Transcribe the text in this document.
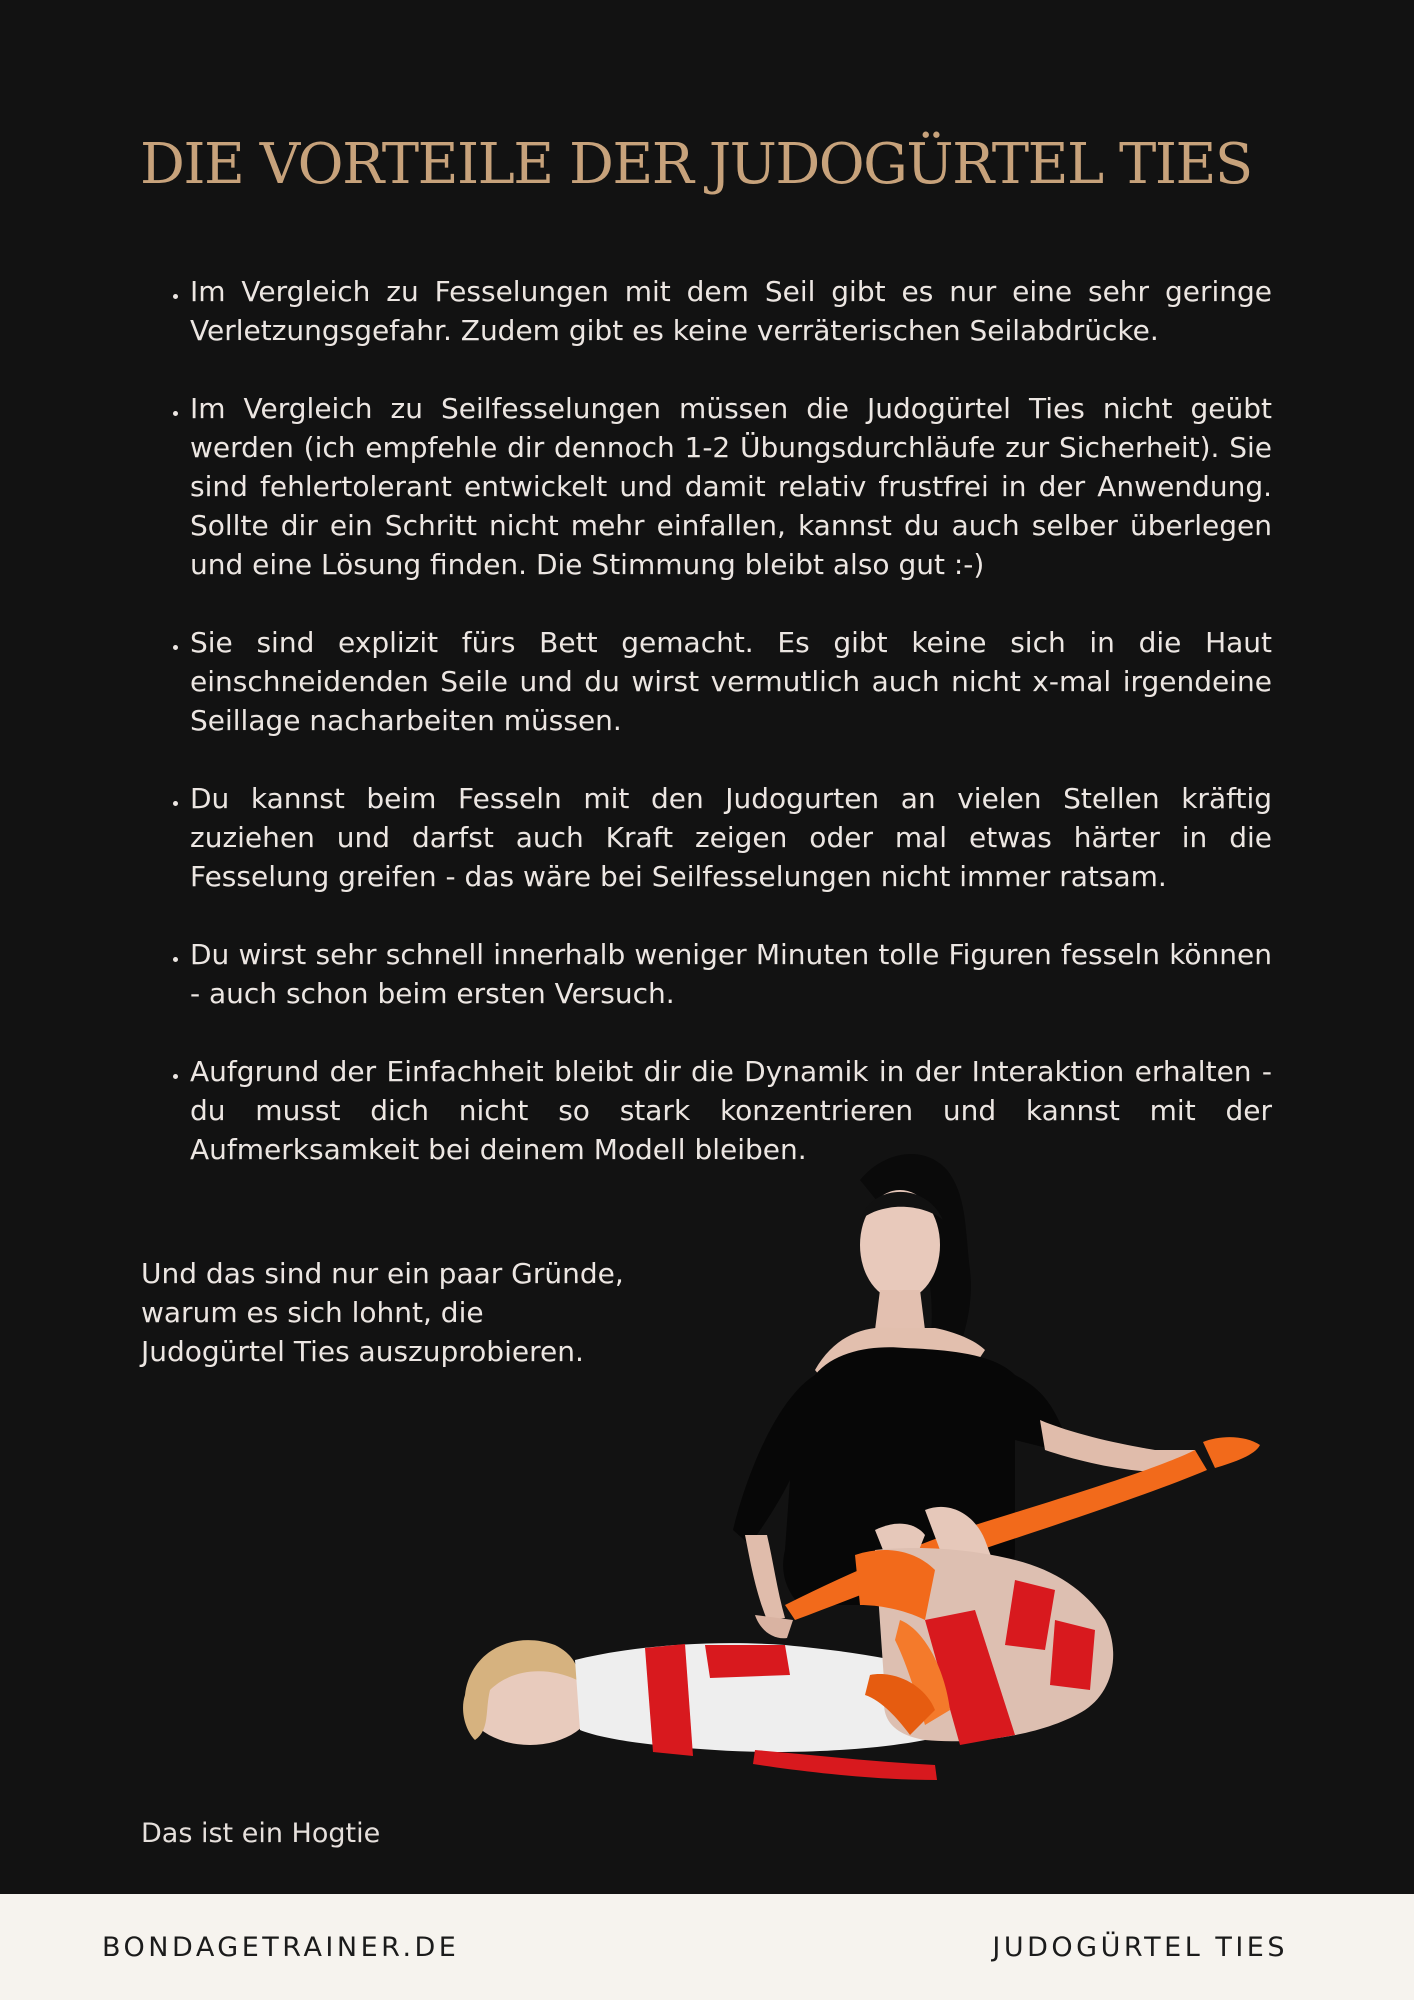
DIE VORTEILE DER JUDOGÜRTEL TIES
• Im Vergleich zu Fesselungen mit dem Seil gibt es nur eine sehr geringe Verletzungsgefahr. Zudem gibt es keine verräterischen Seilabdrücke.
• Im Vergleich zu Seilfesselungen müssen die Judogürtel Ties nicht geübt werden (ich empfehle dir dennoch 1-2 Übungsdurchläufe zur Sicherheit). Sie sind fehlertolerant entwickelt und damit relativ frustfrei in der Anwendung. Sollte dir ein Schritt nicht mehr einfallen, kannst du auch selber überlegen und eine Lösung finden. Die Stimmung bleibt also gut :-)
• Sie sind explizit fürs Bett gemacht. Es gibt keine sich in die Haut einschneidenden Seile und du wirst vermutlich auch nicht x-mal irgendeine Seillage nacharbeiten müssen.
• Du kannst beim Fesseln mit den Judogurten an vielen Stellen kräftig zuziehen und darfst auch Kraft zeigen oder mal etwas härter in die Fesselung greifen - das wäre bei Seilfesselungen nicht immer ratsam.
• Du wirst sehr schnell innerhalb weniger Minuten tolle Figuren fesseln können - auch schon beim ersten Versuch.
• Aufgrund der Einfachheit bleibt dir die Dynamik in der Interaktion erhalten - du musst dich nicht so stark konzentrieren und kannst mit der Aufmerksamkeit bei deinem Modell bleiben.

Und das sind nur ein paar Gründe,
warum es sich lohnt, die
Judogürtel Ties auszuprobieren.

Das ist ein Hogtie

BONDAGETRAINER.DE	JUDOGÜRTEL TIES
